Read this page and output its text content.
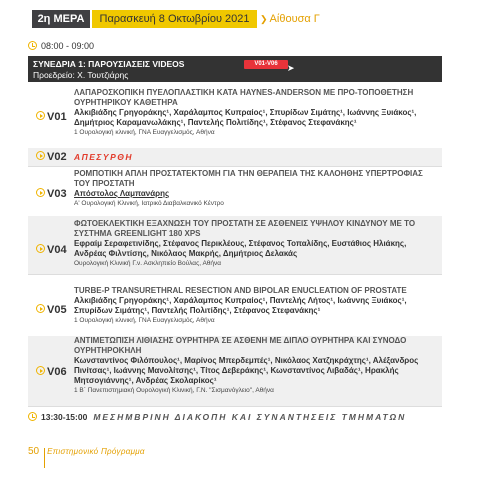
2η ΜΕΡΑ	Παρασκευή 8 Οκτωβρίου 2021	❯ Αίθουσα Γ
08:00 - 09:00
ΣΥΝΕΔΡΙΑ 1: ΠΑΡΟΥΣΙΑΣΕΙΣ VIDEOS
Προεδρείο: Χ. Τουτζιάρης
V01-V06	➤
V01
ΛΑΠΑΡΟΣΚΟΠΙΚΗ ΠΥΕΛΟΠΛΑΣΤΙΚΗ ΚΑΤΑ HAYNES-ANDERSON ΜΕ ΠΡΟ-ΤΟΠΟΘΕΤΗΣΗ ΟΥΡΗΤΗΡΙΚΟΥ ΚΑΘΕΤΗΡΑ
Αλκιβιάδης Γρηγοράκης¹, Χαράλαμπος Κυπραίος¹, Σπυρίδων Σιμάτης¹, Ιωάννης Ξυιάκος¹, Δημήτριος Καραμανωλάκης¹, Παντελής Πολιτίδης¹, Στέφανος Στεφανάκης¹
1 Ουρολογική κλινική, ΓΝΑ Ευαγγελισμός, Αθήνα
V02 ΑΠΕΣΥΡΘΗ
V03
ΡΟΜΠΟΤΙΚΗ ΑΠΛΗ ΠΡΟΣΤΑΤΕΚΤΟΜΗ ΓΙΑ ΤΗΝ ΘΕΡΑΠΕΙΑ ΤΗΣ ΚΑΛΟΗΘΗΣ ΥΠΕΡΤΡΟΦΙΑΣ ΤΟΥ ΠΡΟΣΤΑΤΗ
Απόστολος Λαμπανάρης
Α' Ουρολογική Κλινική, Ιατρικό Διαβαλκανικό Κέντρο
V04
ΦΩΤΟΕΚΛΕΚΤΙΚΗ ΕΞΑΧΝΩΣΗ ΤΟΥ ΠΡΟΣΤΑΤΗ ΣΕ ΑΣΘΕΝΕΙΣ ΥΨΗΛΟΥ ΚΙΝΔΥΝΟΥ ΜΕ ΤΟ ΣΥΣΤΗΜΑ GREENLIGHT 180 XPS
Εφραίμ Σεραφετινίδης, Στέφανος Περικλέους, Στέφανος Τοπαλίδης, Ευστάθιος Ηλιάκης, Ανδρέας Φιλντίσης, Νικόλαος Μακρής, Δημήτριος Δελακάς
Ουρολογική Κλινική Γ.ν. Ασκληπιείο Βούλας, Αθήνα
V05
TURBE-P TRANSURETHRAL RESECTION AND BIPOLAR ENUCLEATION OF PROSTATE
Αλκιβιάδης Γρηγοράκης¹, Χαράλαμπος Κυπραίος¹, Παντελής Λήτος¹, Ιωάννης Ξυιάκος¹, Σπυρίδων Σιμάτης¹, Παντελής Πολιτίδης¹, Στέφανος Στεφανάκης¹
1 Ουρολογική κλινική, ΓΝΑ Ευαγγελισμός, Αθήνα
V06
ΑΝΤΙΜΕΤΩΠΙΣΗ ΛΙΘΙΑΣΗΣ ΟΥΡΗΤΗΡΑ ΣΕ ΑΣΘΕΝΗ ΜΕ ΔΙΠΛΟ ΟΥΡΗΤΗΡΑ ΚΑΙ ΣΥΝΟΔΟ ΟΥΡΗΤΗΡΟΚΗΛΗ
Κωνσταντίνος Φιλόπουλος¹, Μαρίνος Μπερδεμπές¹, Νικόλαος Χατζηκράχτης¹, Αλέξανδρος Πινίτσας¹, Ιωάννης Μανολίτσης¹, Τίτος Δεβεράκης¹, Κωνσταντίνος Λιβαδάς¹, Ηρακλής Μητσογιάννης¹, Ανδρέας Σκολαρίκος¹
1 Β΄ Πανεπιστημιακή Ουρολογική Κλινική, Γ.Ν. "Σισμανόγλειο", Αθήνα
13:30-15:00 ΜΕΣΗΜΒΡΙΝΗ ΔΙΑΚΟΠΗ ΚΑΙ ΣΥΝΑΝΤΗΣΕΙΣ ΤΜΗΜΑΤΩΝ
50 Επιστημονικό Πρόγραμμα
